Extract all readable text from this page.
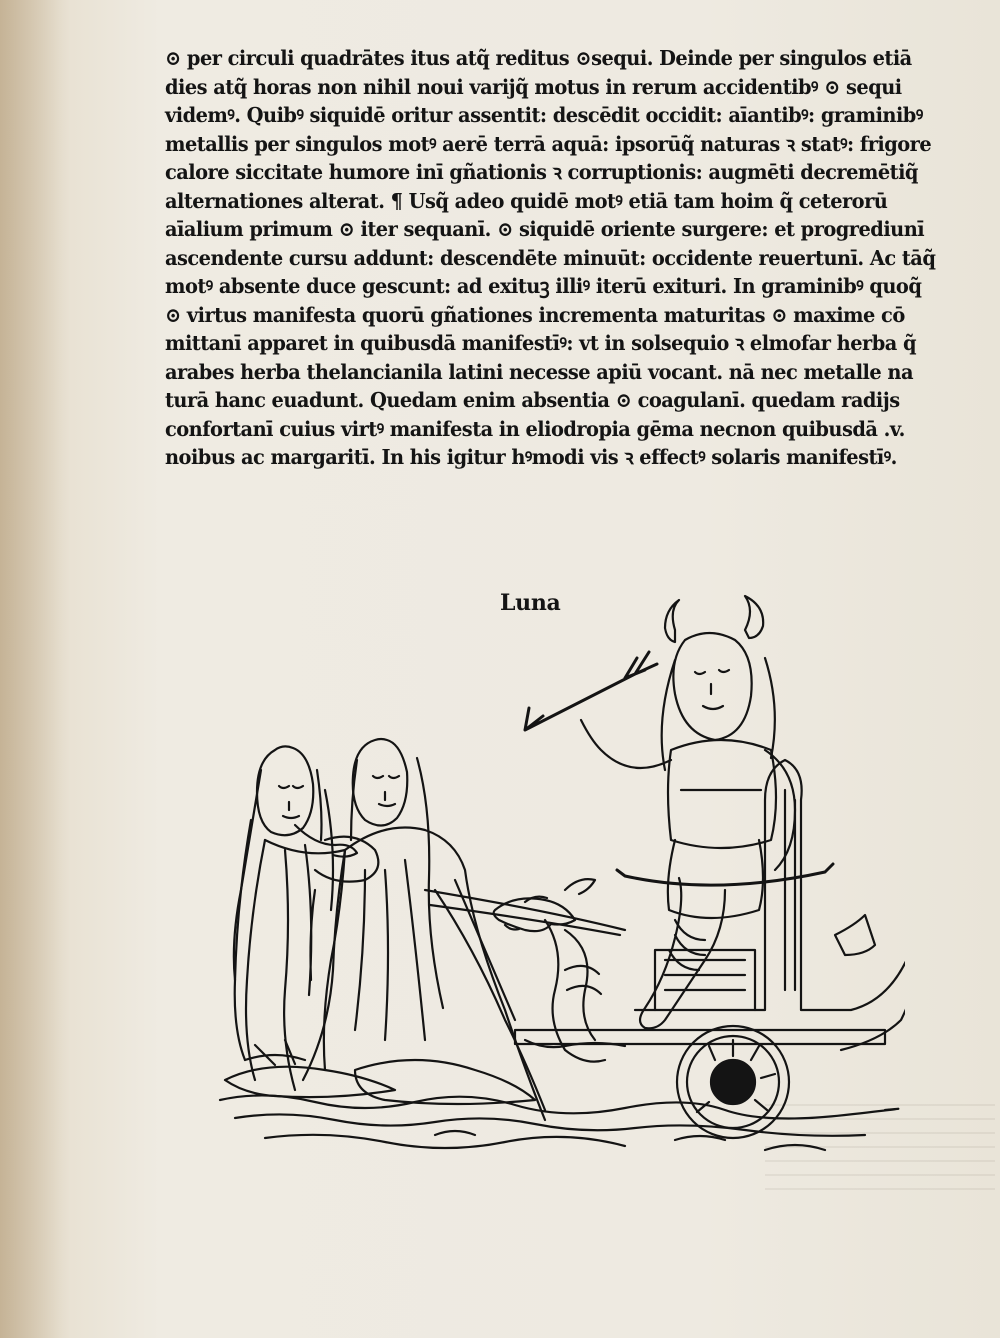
⊙ per circuli quadrātes itus atq̃ reditus ⊙sequi. Deinde per singulos etiā
dies atq̃ horas non nihil noui varijq̃ motus in rerum accidentibꝰ ⊙ sequi
videmꝰ. Quibꝰ siquidē oritur assentit: descēdit occidit: aīantibꝰ: graminibꝰ
metallis per singulos motꝰ aerē terrā aquā: ipsorūq̃ naturas ꝛ statꝰ: frigore
calore siccitate humore inī gñationis ꝛ corruptionis: augmēti decremētiq̃
alternationes alterat. ¶ Usq̃ adeo quidē motꝰ etiā tam hoim q̃ ceterorū
aīalium primum ⊙ iter sequanī. ⊙ siquidē oriente surgere: et progrediunī
ascendente cursu addunt: descendēte minuūt: occidente reuertunī. Ac tāq̃
motꝰ absente duce gescunt: ad exituꝫ illiꝰ iterū exituri. In graminibꝰ quoq̃
⊙ virtus manifesta quorū gñationes incrementa maturitas ⊙ maxime cō
mittanī apparet in quibusdā manifestīꝰ: vt in solsequio ꝛ elmofar herba q̃
arabes herba thelancianila latini necesse apiū vocant. nā nec metalle na
turā hanc euadunt. Quedam enim absentia ⊙ coagulanī. quedam radijs
confortanī cuius virtꝰ manifesta in eliodropia gēma necnon quibusdā .v.
noibus ac margaritī. In his igitur hꝰmodi vis ꝛ effectꝰ solaris manifestīꝰ.
Luna
